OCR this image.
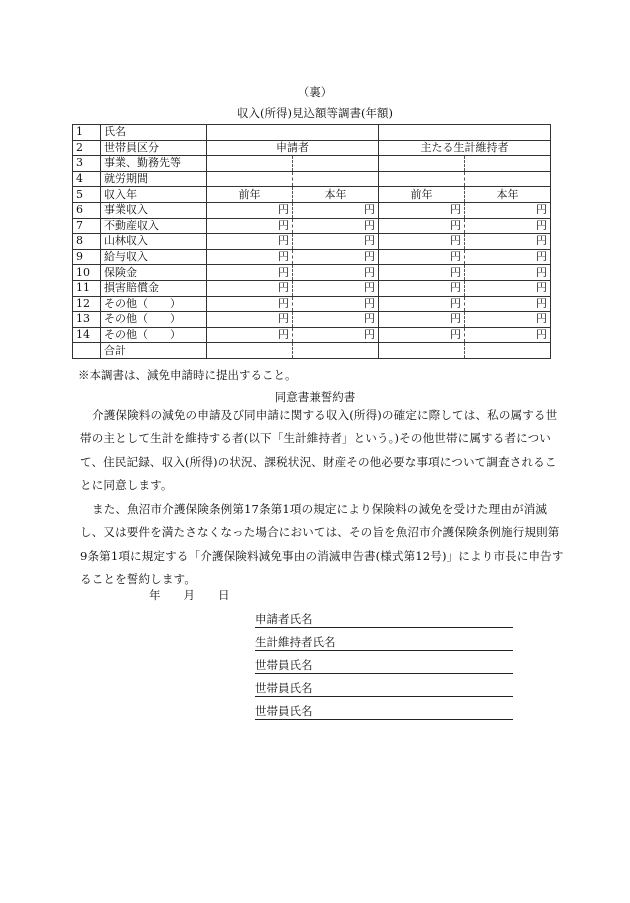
（裏）
収入(所得)見込額等調書(年額)
1	氏名				
2	世帯員区分	申請者		主たる生計維持者	
3	事業、勤務先等				
4	就労期間				
5	収入年	前年	本年	前年	本年
6	事業収入	円	円	円	円
7	不動産収入	円	円	円	円
8	山林収入	円	円	円	円
9	給与収入	円	円	円	円
10	保険金	円	円	円	円
11	損害賠償金	円	円	円	円
12	その他（　　）	円	円	円	円
13	その他（　　）	円	円	円	円
14	その他（　　）	円	円	円	円
	合計				
※本調書は、減免申請時に提出すること。
同意書兼誓約書
介護保険料の減免の申請及び同申請に関する収入(所得)の確定に際しては、私の属する世帯の主として生計を維持する者(以下「生計維持者」という。)その他世帯に属する者について、住民記録、収入(所得)の状況、課税状況、財産その他必要な事項について調査されることに同意します。
また、魚沼市介護保険条例第17条第1項の規定により保険料の減免を受けた理由が消滅し、又は要件を満たさなくなった場合においては、その旨を魚沼市介護保険条例施行規則第9条第1項に規定する「介護保険料減免事由の消滅申告書(様式第12号)」により市長に申告することを誓約します。
年　　月　　日
申請者氏名
生計維持者氏名
世帯員氏名
世帯員氏名
世帯員氏名
